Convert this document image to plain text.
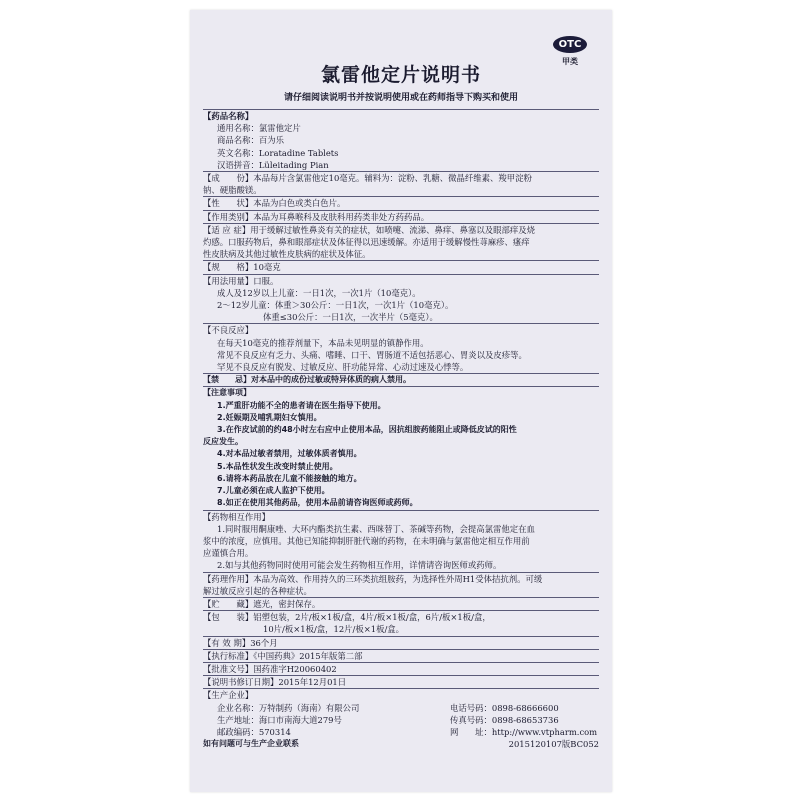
OTC
甲类
氯雷他定片说明书
请仔细阅读说明书并按说明使用或在药师指导下购买和使用
【药品名称】
通用名称：氯雷他定片
商品名称：百为乐
英文名称：Loratadine Tablets
汉语拼音：Lüleitading Pian
【成　　份】本品每片含氯雷他定10毫克。辅料为：淀粉、乳糖、微晶纤维素、羧甲淀粉
钠、硬脂酸镁。
【性　　状】本品为白色或类白色片。
【作用类别】本品为耳鼻喉科及皮肤科用药类非处方药药品。
【适 应 症】用于缓解过敏性鼻炎有关的症状，如喷嚏、流涕、鼻痒、鼻塞以及眼部痒及烧
灼感。口服药物后，鼻和眼部症状及体征得以迅速缓解。亦适用于缓解慢性荨麻疹、瘙痒
性皮肤病及其他过敏性皮肤病的症状及体征。
【规　　格】10毫克
【用法用量】口服。
成人及12岁以上儿童：一日1次，一次1片（10毫克）。
2～12岁儿童：体重＞30公斤：一日1次，一次1片（10毫克）。
体重≤30公斤：一日1次，一次半片（5毫克）。
【不良反应】
在每天10毫克的推荐剂量下，本品未见明显的镇静作用。
常见不良反应有乏力、头痛、嗜睡、口干、胃肠道不适包括恶心、胃炎以及皮疹等。
罕见不良反应有脱发、过敏反应、肝功能异常、心动过速及心悸等。
【禁　　忌】对本品中的成份过敏或特异体质的病人禁用。
【注意事项】
1.严重肝功能不全的患者请在医生指导下使用。
2.妊娠期及哺乳期妇女慎用。
3.在作皮试前的约48小时左右应中止使用本品，因抗组胺药能阻止或降低皮试的阳性
反应发生。
4.对本品过敏者禁用，过敏体质者慎用。
5.本品性状发生改变时禁止使用。
6.请将本药品放在儿童不能接触的地方。
7.儿童必须在成人监护下使用。
8.如正在使用其他药品，使用本品前请咨询医师或药师。
【药物相互作用】
1.同时服用酮康唑、大环内酯类抗生素、西咪替丁、茶碱等药物，会提高氯雷他定在血
浆中的浓度，应慎用。其他已知能抑制肝脏代谢的药物，在未明确与氯雷他定相互作用前
应谨慎合用。
2.如与其他药物同时使用可能会发生药物相互作用，详情请咨询医师或药师。
【药理作用】本品为高效、作用持久的三环类抗组胺药，为选择性外周H1受体拮抗剂。可缓
解过敏反应引起的各种症状。
【贮　　藏】遮光，密封保存。
【包　　装】铝塑包装，2片/板×1板/盒，4片/板×1板/盒，6片/板×1板/盒，
10片/板×1板/盒，12片/板×1板/盒。
【有 效 期】36个月
【执行标准】《中国药典》2015年版第二部
【批准文号】国药准字H20060402
【说明书修订日期】2015年12月01日
【生产企业】
企业名称：万特制药（海南）有限公司	电话号码：0898-68666600
生产地址：海口市南海大道279号	传真号码：0898-68653736
邮政编码：570314	网　　址：http://www.vtpharm.com
如有问题可与生产企业联系	2015120107版BC052
